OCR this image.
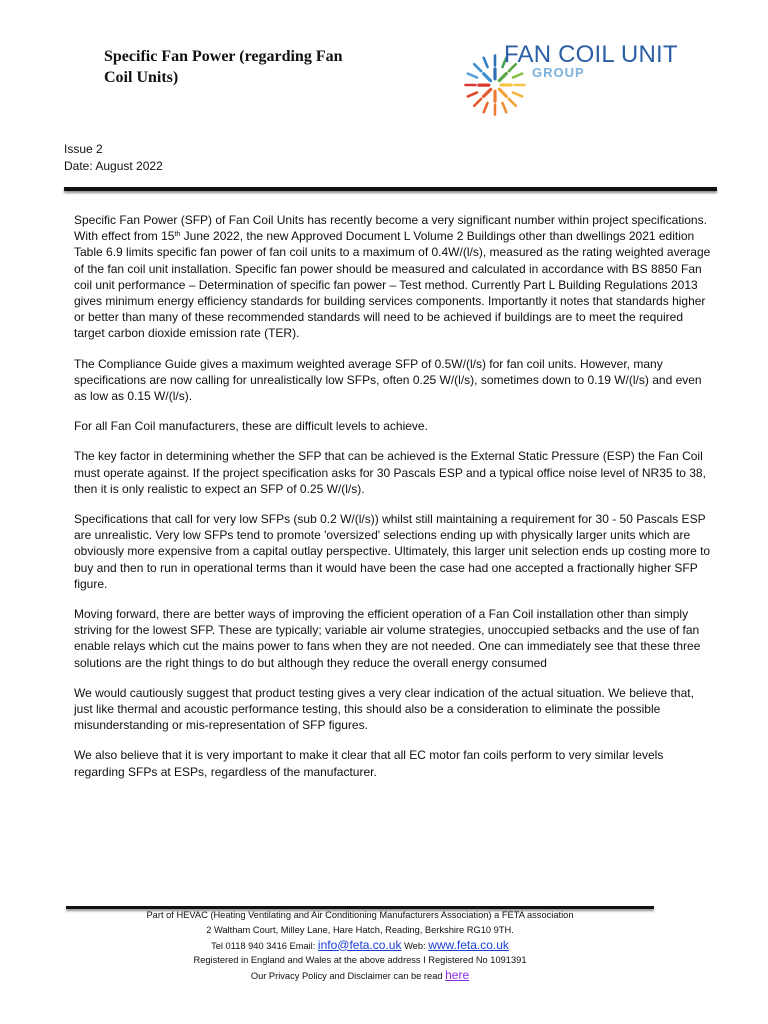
Specific Fan Power (regarding Fan
Coil Units)
FAN COIL UNIT
GROUP
Issue 2
Date: August 2022

Specific Fan Power (SFP) of Fan Coil Units has recently become a very significant number within project specifications. With effect from 15th June 2022, the new Approved Document L Volume 2 Buildings other than dwellings 2021 edition Table 6.9 limits specific fan power of fan coil units to a maximum of 0.4W/(l/s), measured as the rating weighted average of the fan coil unit installation. Specific fan power should be measured and calculated in accordance with BS 8850 Fan coil unit performance – Determination of specific fan power – Test method. Currently Part L Building Regulations 2013 gives minimum energy efficiency standards for building services components. Importantly it notes that standards higher or better than many of these recommended standards will need to be achieved if buildings are to meet the required target carbon dioxide emission rate (TER).

The Compliance Guide gives a maximum weighted average SFP of 0.5W/(l/s) for fan coil units. However, many specifications are now calling for unrealistically low SFPs, often 0.25 W/(l/s), sometimes down to 0.19 W/(l/s) and even as low as 0.15 W/(l/s).

For all Fan Coil manufacturers, these are difficult levels to achieve.

The key factor in determining whether the SFP that can be achieved is the External Static Pressure (ESP) the Fan Coil must operate against. If the project specification asks for 30 Pascals ESP and a typical office noise level of NR35 to 38, then it is only realistic to expect an SFP of 0.25 W/(l/s).

Specifications that call for very low SFPs (sub 0.2 W/(l/s)) whilst still maintaining a requirement for 30 - 50 Pascals ESP are unrealistic. Very low SFPs tend to promote 'oversized' selections ending up with physically larger units which are obviously more expensive from a capital outlay perspective. Ultimately, this larger unit selection ends up costing more to buy and then to run in operational terms than it would have been the case had one accepted a fractionally higher SFP figure.

Moving forward, there are better ways of improving the efficient operation of a Fan Coil installation other than simply striving for the lowest SFP. These are typically; variable air volume strategies, unoccupied setbacks and the use of fan enable relays which cut the mains power to fans when they are not needed. One can immediately see that these three solutions are the right things to do but although they reduce the overall energy consumed

We would cautiously suggest that product testing gives a very clear indication of the actual situation. We believe that, just like thermal and acoustic performance testing, this should also be a consideration to eliminate the possible misunderstanding or mis-representation of SFP figures.

We also believe that it is very important to make it clear that all EC motor fan coils perform to very similar levels regarding SFPs at ESPs, regardless of the manufacturer.

Part of HEVAC (Heating Ventilating and Air Conditioning Manufacturers Association) a FETA association
2 Waltham Court, Milley Lane, Hare Hatch, Reading, Berkshire RG10 9TH.
Tel 0118 940 3416 Email: info@feta.co.uk Web: www.feta.co.uk
Registered in England and Wales at the above address I Registered No 1091391
Our Privacy Policy and Disclaimer can be read here
